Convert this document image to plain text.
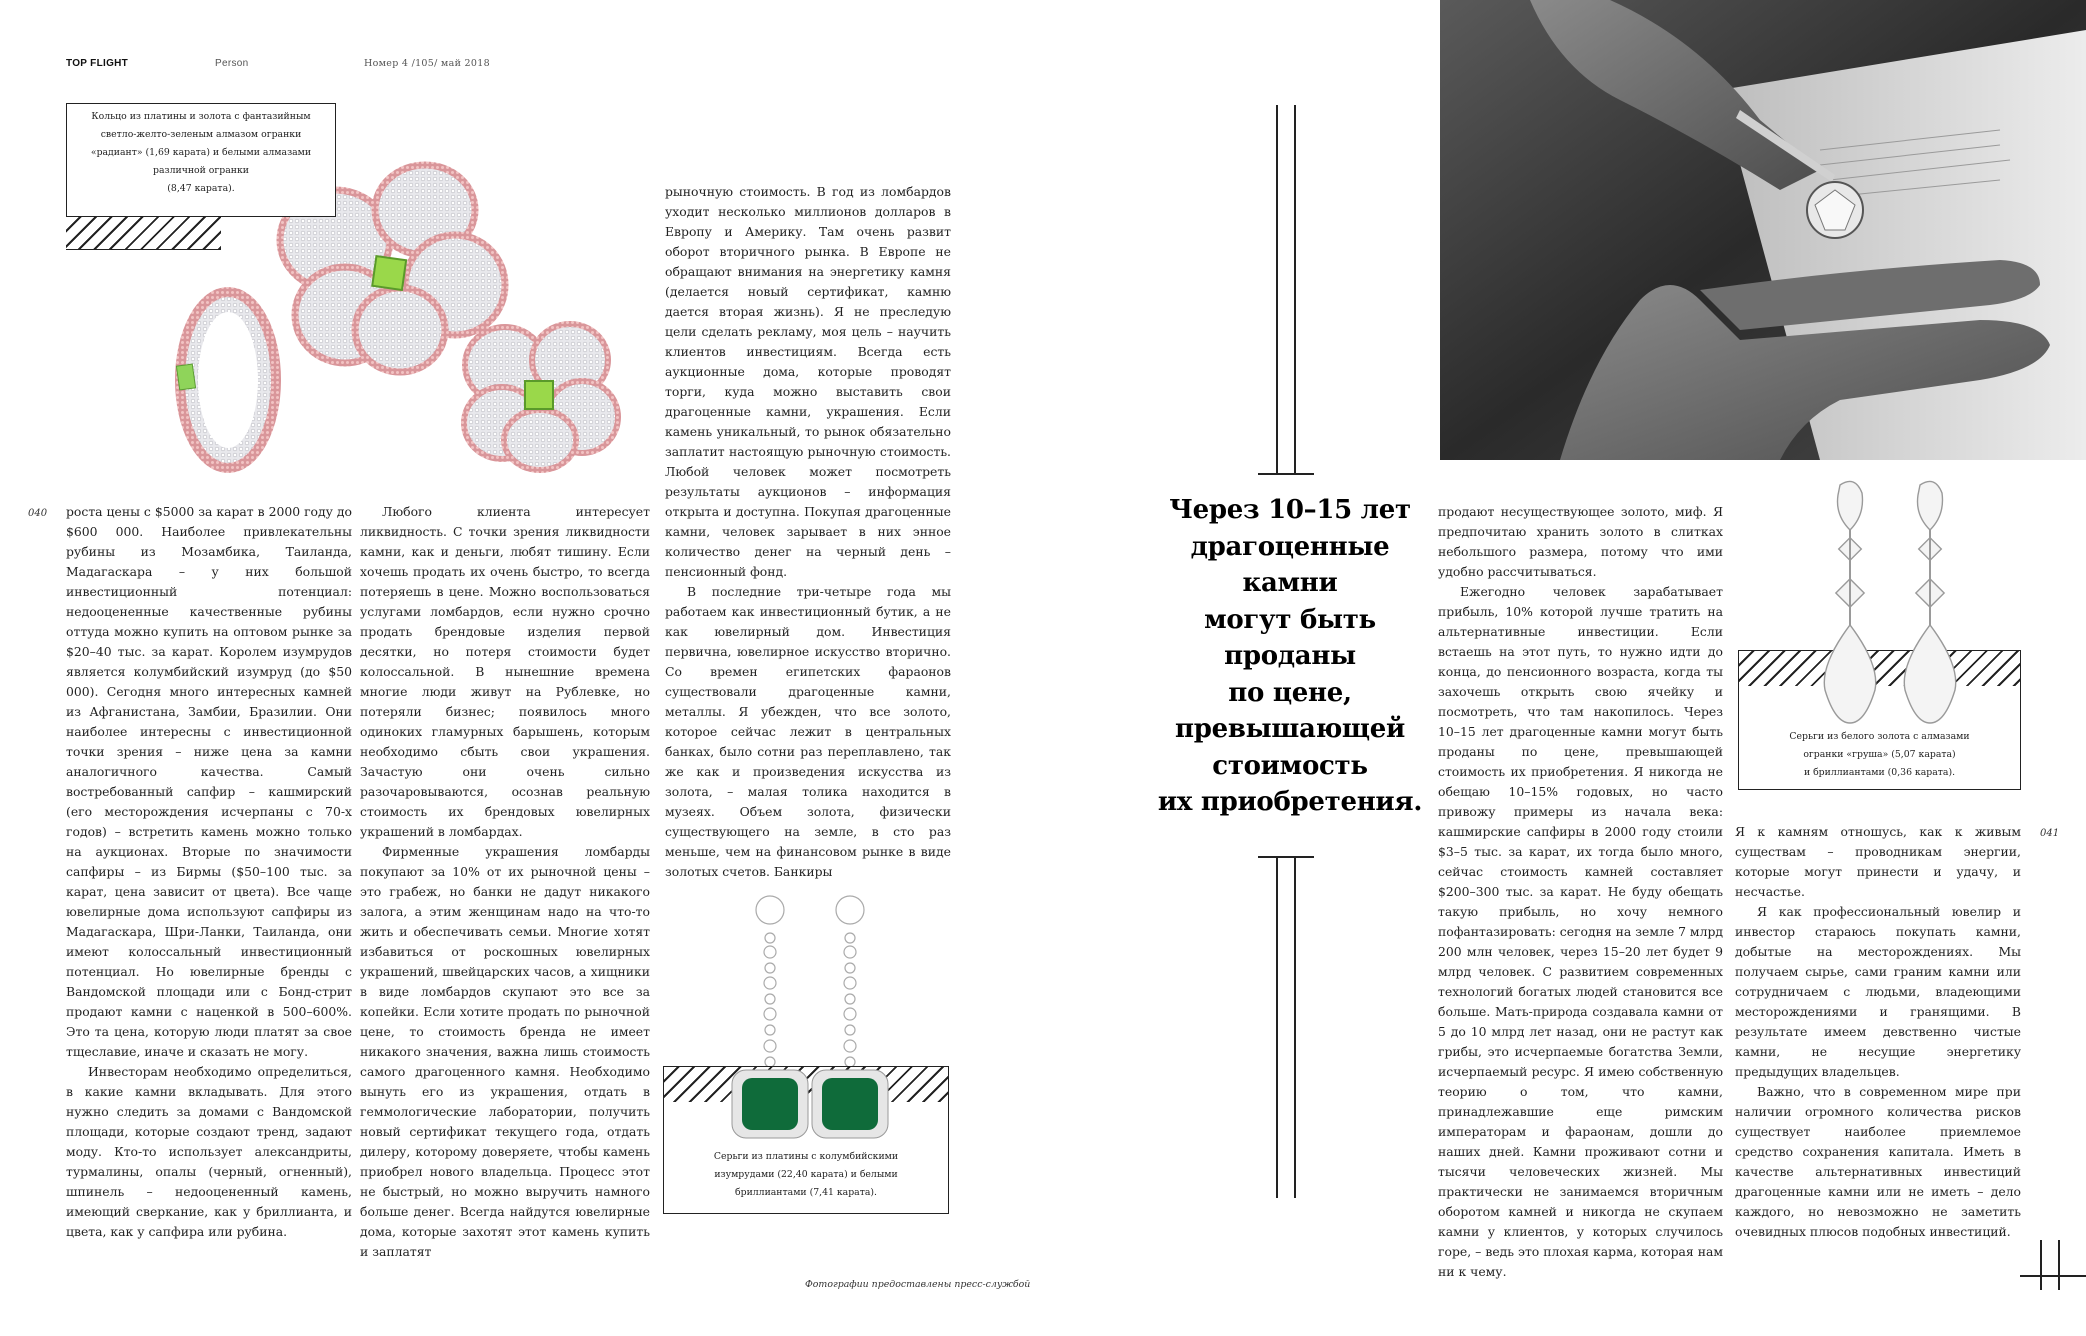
TOP FLIGHT	Person	Номер 4 /105/ май 2018
Кольцо из платины и золота с фантазийным
светло-желто-зеленым алмазом огранки
«радиант» (1,69 карата) и белыми алмазами
различной огранки
(8,47 карата).
040
041

роста цены с $5000 за карат в 2000 году до $600 000. Наиболее привлекательны рубины из Мозамбика, Таиланда, Мадагаскара – у них большой инвестиционный потенциал: недооцененные качественные рубины оттуда можно купить на оптовом рынке за $20–40 тыс. за карат. Королем изумрудов является колумбийский изумруд (до $50 000). Сегодня много интересных камней из Афганистана, Замбии, Бразилии. Они наиболее интересны с инвестиционной точки зрения – ниже цена за камни аналогичного качества. Самый востребованный сапфир – кашмирский (его месторождения исчерпаны с 70-х годов) – встретить камень можно только на аукционах. Вторые по значимости сапфиры – из Бирмы ($50–100 тыс. за карат, цена зависит от цвета). Все чаще ювелирные дома используют сапфиры из Мадагаскара, Шри-Ланки, Таиланда, они имеют колоссальный инвестиционный потенциал. Но ювелирные бренды с Вандомской площади или с Бонд-стрит продают камни с наценкой в 500–600%. Это та цена, которую люди платят за свое тщеславие, иначе и сказать не могу.

Инвесторам необходимо определиться, в какие камни вкладывать. Для этого нужно следить за домами с Вандомской площади, которые создают тренд, задают моду. Кто-то использует александриты, турмалины, опалы (черный, огненный), шпинель – недооцененный камень, имеющий сверкание, как у бриллианта, и цвета, как у сапфира или рубина.

Любого клиента интересует ликвидность. С точки зрения ликвидности камни, как и деньги, любят тишину. Если хочешь продать их очень быстро, то всегда потеряешь в цене. Можно воспользоваться услугами ломбардов, если нужно срочно продать брендовые изделия первой десятки, но потеря стоимости будет колоссальной. В нынешние времена многие люди живут на Рублевке, но потеряли бизнес; появилось много одиноких гламурных барышень, которым необходимо сбыть свои украшения. Зачастую они очень сильно разочаровываются, осознав реальную стоимость их брендовых ювелирных украшений в ломбардах.

Фирменные украшения ломбарды покупают за 10% от их рыночной цены – это грабеж, но банки не дадут никакого залога, а этим женщинам надо на что-то жить и обеспечивать семьи. Многие хотят избавиться от роскошных ювелирных украшений, швейцарских часов, а хищники в виде ломбардов скупают это все за копейки. Если хотите продать по рыночной цене, то стоимость бренда не имеет никакого значения, важна лишь стоимость самого драгоценного камня. Необходимо вынуть его из украшения, отдать в геммологические лаборатории, получить новый сертификат текущего года, отдать дилеру, которому доверяете, чтобы камень приобрел нового владельца. Процесс этот не быстрый, но можно выручить намного больше денег. Всегда найдутся ювелирные дома, которые захотят этот камень купить и заплатят

рыночную стоимость. В год из ломбардов уходит несколько миллионов долларов в Европу и Америку. Там очень развит оборот вторичного рынка. В Европе не обращают внимания на энергетику камня (делается новый сертификат, камню дается вторая жизнь). Я не преследую цели сделать рекламу, моя цель – научить клиентов инвестициям. Всегда есть аукционные дома, которые проводят торги, куда можно выставить свои драгоценные камни, украшения. Если камень уникальный, то рынок обязательно заплатит настоящую рыночную стоимость. Любой человек может посмотреть результаты аукционов – информация открыта и доступна. Покупая драгоценные камни, человек зарывает в них энное количество денег на черный день – пенсионный фонд.

В последние три-четыре года мы работаем как инвестиционный бутик, а не как ювелирный дом. Инвестиция первична, ювелирное искусство вторично. Со времен египетских фараонов существовали драгоценные камни, металлы. Я убежден, что все золото, которое сейчас лежит в центральных банках, было сотни раз переплавлено, так же как и произведения искусства из золота, – малая толика находится в музеях. Объем золота, физически существующего на земле, в сто раз меньше, чем на финансовом рынке в виде золотых счетов. Банкиры

продают несуществующее золото, миф. Я предпочитаю хранить золото в слитках небольшого размера, потому что ими удобно рассчитываться.

Ежегодно человек зарабатывает прибыль, 10% которой лучше тратить на альтернативные инвестиции. Если встаешь на этот путь, то нужно идти до конца, до пенсионного возраста, когда ты захочешь открыть свою ячейку и посмотреть, что там накопилось. Через 10–15 лет драгоценные камни могут быть проданы по цене, превышающей стоимость их приобретения. Я никогда не обещаю 10–15% годовых, но часто привожу примеры из начала века: кашмирские сапфиры в 2000 году стоили $3–5 тыс. за карат, их тогда было много, сейчас стоимость камней составляет $200–300 тыс. за карат. Не буду обещать такую прибыль, но хочу немного пофантазировать: сегодня на земле 7 млрд 200 млн человек, через 15–20 лет будет 9 млрд человек. С развитием современных технологий богатых людей становится все больше. Мать-природа создавала камни от 5 до 10 млрд лет назад, они не растут как грибы, это исчерпаемые богатства Земли, исчерпаемый ресурс. Я имею собственную теорию о том, что камни, принадлежавшие еще римским императорам и фараонам, дошли до наших дней. Камни проживают сотни и тысячи человеческих жизней. Мы практически не занимаемся вторичным оборотом камней и никогда не скупаем камни у клиентов, у которых случилось горе, – ведь это плохая карма, которая нам ни к чему.

Я к камням отношусь, как к живым существам – проводникам энергии, которые могут принести и удачу, и несчастье.

Я как профессиональный ювелир и инвестор стараюсь покупать камни, добытые на месторождениях. Мы получаем сырье, сами граним камни или сотрудничаем с людьми, владеющими месторождениями и гранящими. В результате имеем девственно чистые камни, не несущие энергетику предыдущих владельцев.

Важно, что в современном мире при наличии огромного количества рисков существует наиболее приемлемое средство сохранения капитала. Иметь в качестве альтернативных инвестиций драгоценные камни или не иметь – дело каждого, но невозможно не заметить очевидных плюсов подобных инвестиций.

Серьги из платины с колумбийскими
изумрудами (22,40 карата) и белыми
бриллиантами (7,41 карата).
Через 10–15 лет
драгоценные
камни
могут быть
проданы
по цене,
превышающей
стоимость
их приобретения.
Серьги из белого золота с алмазами
огранки «груша» (5,07 карата)
и бриллиантами (0,36 карата).
Фотографии предоставлены пресс-службой
